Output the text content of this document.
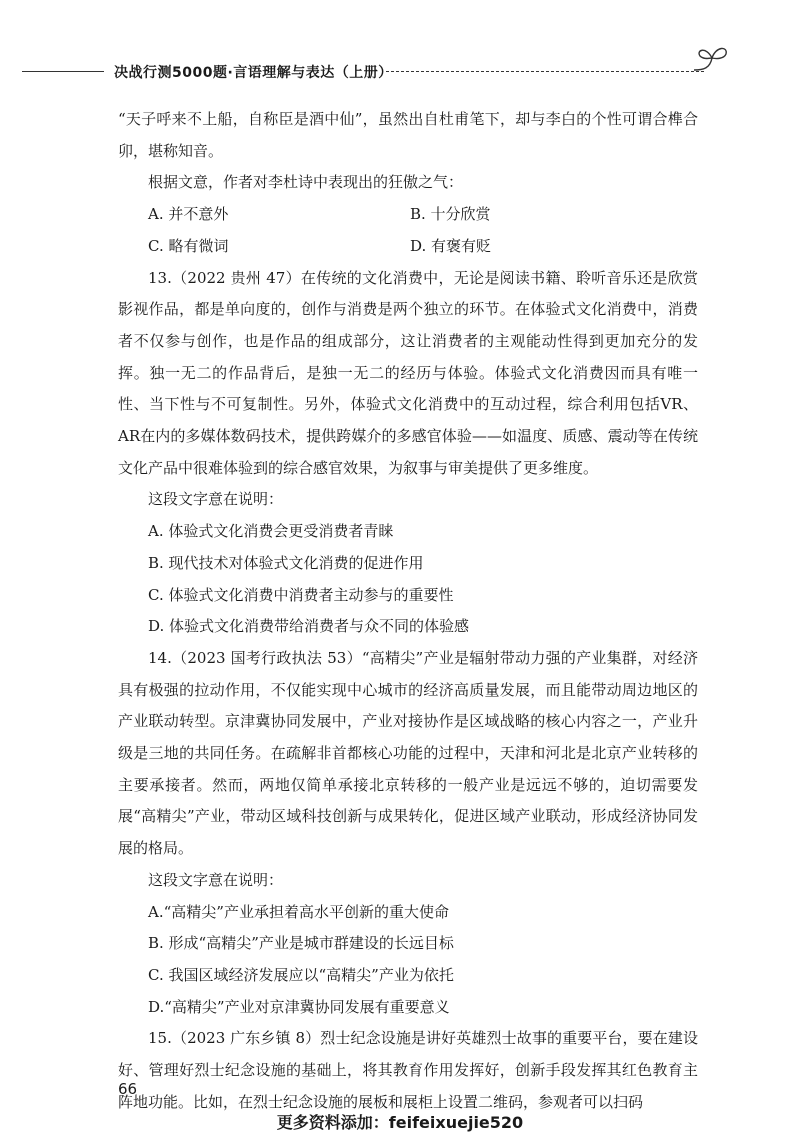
决战行测5000题·言语理解与表达（上册）

“天子呼来不上船，自称臣是酒中仙”，虽然出自杜甫笔下，却与李白的个性可谓合榫合卯，堪称知音。

根据文意，作者对李杜诗中表现出的狂傲之气：

A. 并不意外	B. 十分欣赏
C. 略有微词	D. 有褒有贬

13.（2022 贵州 47）在传统的文化消费中，无论是阅读书籍、聆听音乐还是欣赏影视作品，都是单向度的，创作与消费是两个独立的环节。在体验式文化消费中，消费者不仅参与创作，也是作品的组成部分，这让消费者的主观能动性得到更加充分的发挥。独一无二的作品背后，是独一无二的经历与体验。体验式文化消费因而具有唯一性、当下性与不可复制性。另外，体验式文化消费中的互动过程，综合利用包括VR、AR在内的多媒体数码技术，提供跨媒介的多感官体验——如温度、质感、震动等在传统文化产品中很难体验到的综合感官效果，为叙事与审美提供了更多维度。

这段文字意在说明：

A. 体验式文化消费会更受消费者青睐

B. 现代技术对体验式文化消费的促进作用

C. 体验式文化消费中消费者主动参与的重要性

D. 体验式文化消费带给消费者与众不同的体验感

14.（2023 国考行政执法 53）“高精尖”产业是辐射带动力强的产业集群，对经济具有极强的拉动作用，不仅能实现中心城市的经济高质量发展，而且能带动周边地区的产业联动转型。京津冀协同发展中，产业对接协作是区域战略的核心内容之一，产业升级是三地的共同任务。在疏解非首都核心功能的过程中，天津和河北是北京产业转移的主要承接者。然而，两地仅简单承接北京转移的一般产业是远远不够的，迫切需要发展“高精尖”产业，带动区域科技创新与成果转化，促进区域产业联动，形成经济协同发展的格局。

这段文字意在说明：

A.“高精尖”产业承担着高水平创新的重大使命

B. 形成“高精尖”产业是城市群建设的长远目标

C. 我国区域经济发展应以“高精尖”产业为依托

D.“高精尖”产业对京津冀协同发展有重要意义

15.（2023 广东乡镇 8）烈士纪念设施是讲好英雄烈士故事的重要平台，要在建设好、管理好烈士纪念设施的基础上，将其教育作用发挥好，创新手段发挥其红色教育主阵地功能。比如，在烈士纪念设施的展板和展柜上设置二维码，参观者可以扫码

66
更多资料添加：feifeixuejie520
